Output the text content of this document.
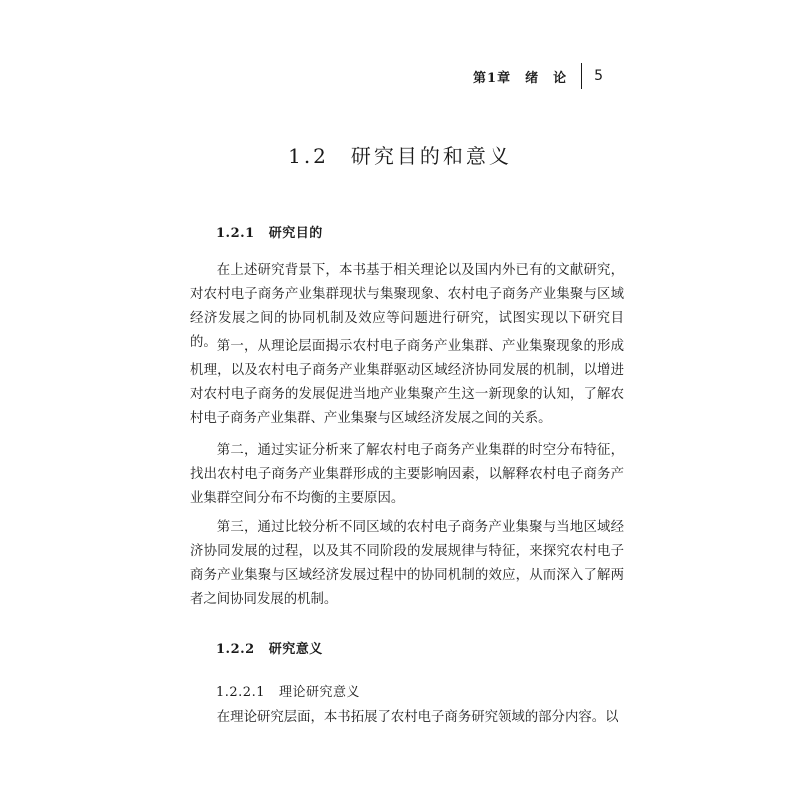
第1章　绪　论	5
1.2 研究目的和意义
1.2.1 研究目的

在上述研究背景下，本书基于相关理论以及国内外已有的文献研究，对农村电子商务产业集群现状与集聚现象、农村电子商务产业集聚与区域经济发展之间的协同机制及效应等问题进行研究，试图实现以下研究目的。 第一，从理论层面揭示农村电子商务产业集群、产业集聚现象的形成机理，以及农村电子商务产业集群驱动区域经济协同发展的机制，以增进对农村电子商务的发展促进当地产业集聚产生这一新现象的认知，了解农村电子商务产业集群、产业集聚与区域经济发展之间的关系。

第二，通过实证分析来了解农村电子商务产业集群的时空分布特征，找出农村电子商务产业集群形成的主要影响因素，以解释农村电子商务产业集群空间分布不均衡的主要原因。

第三，通过比较分析不同区域的农村电子商务产业集聚与当地区域经济协同发展的过程，以及其不同阶段的发展规律与特征，来探究农村电子商务产业集聚与区域经济发展过程中的协同机制的效应，从而深入了解两者之间协同发展的机制。

1.2.2 研究意义
1.2.2.1 理论研究意义

在理论研究层面，本书拓展了农村电子商务研究领域的部分内容。以
